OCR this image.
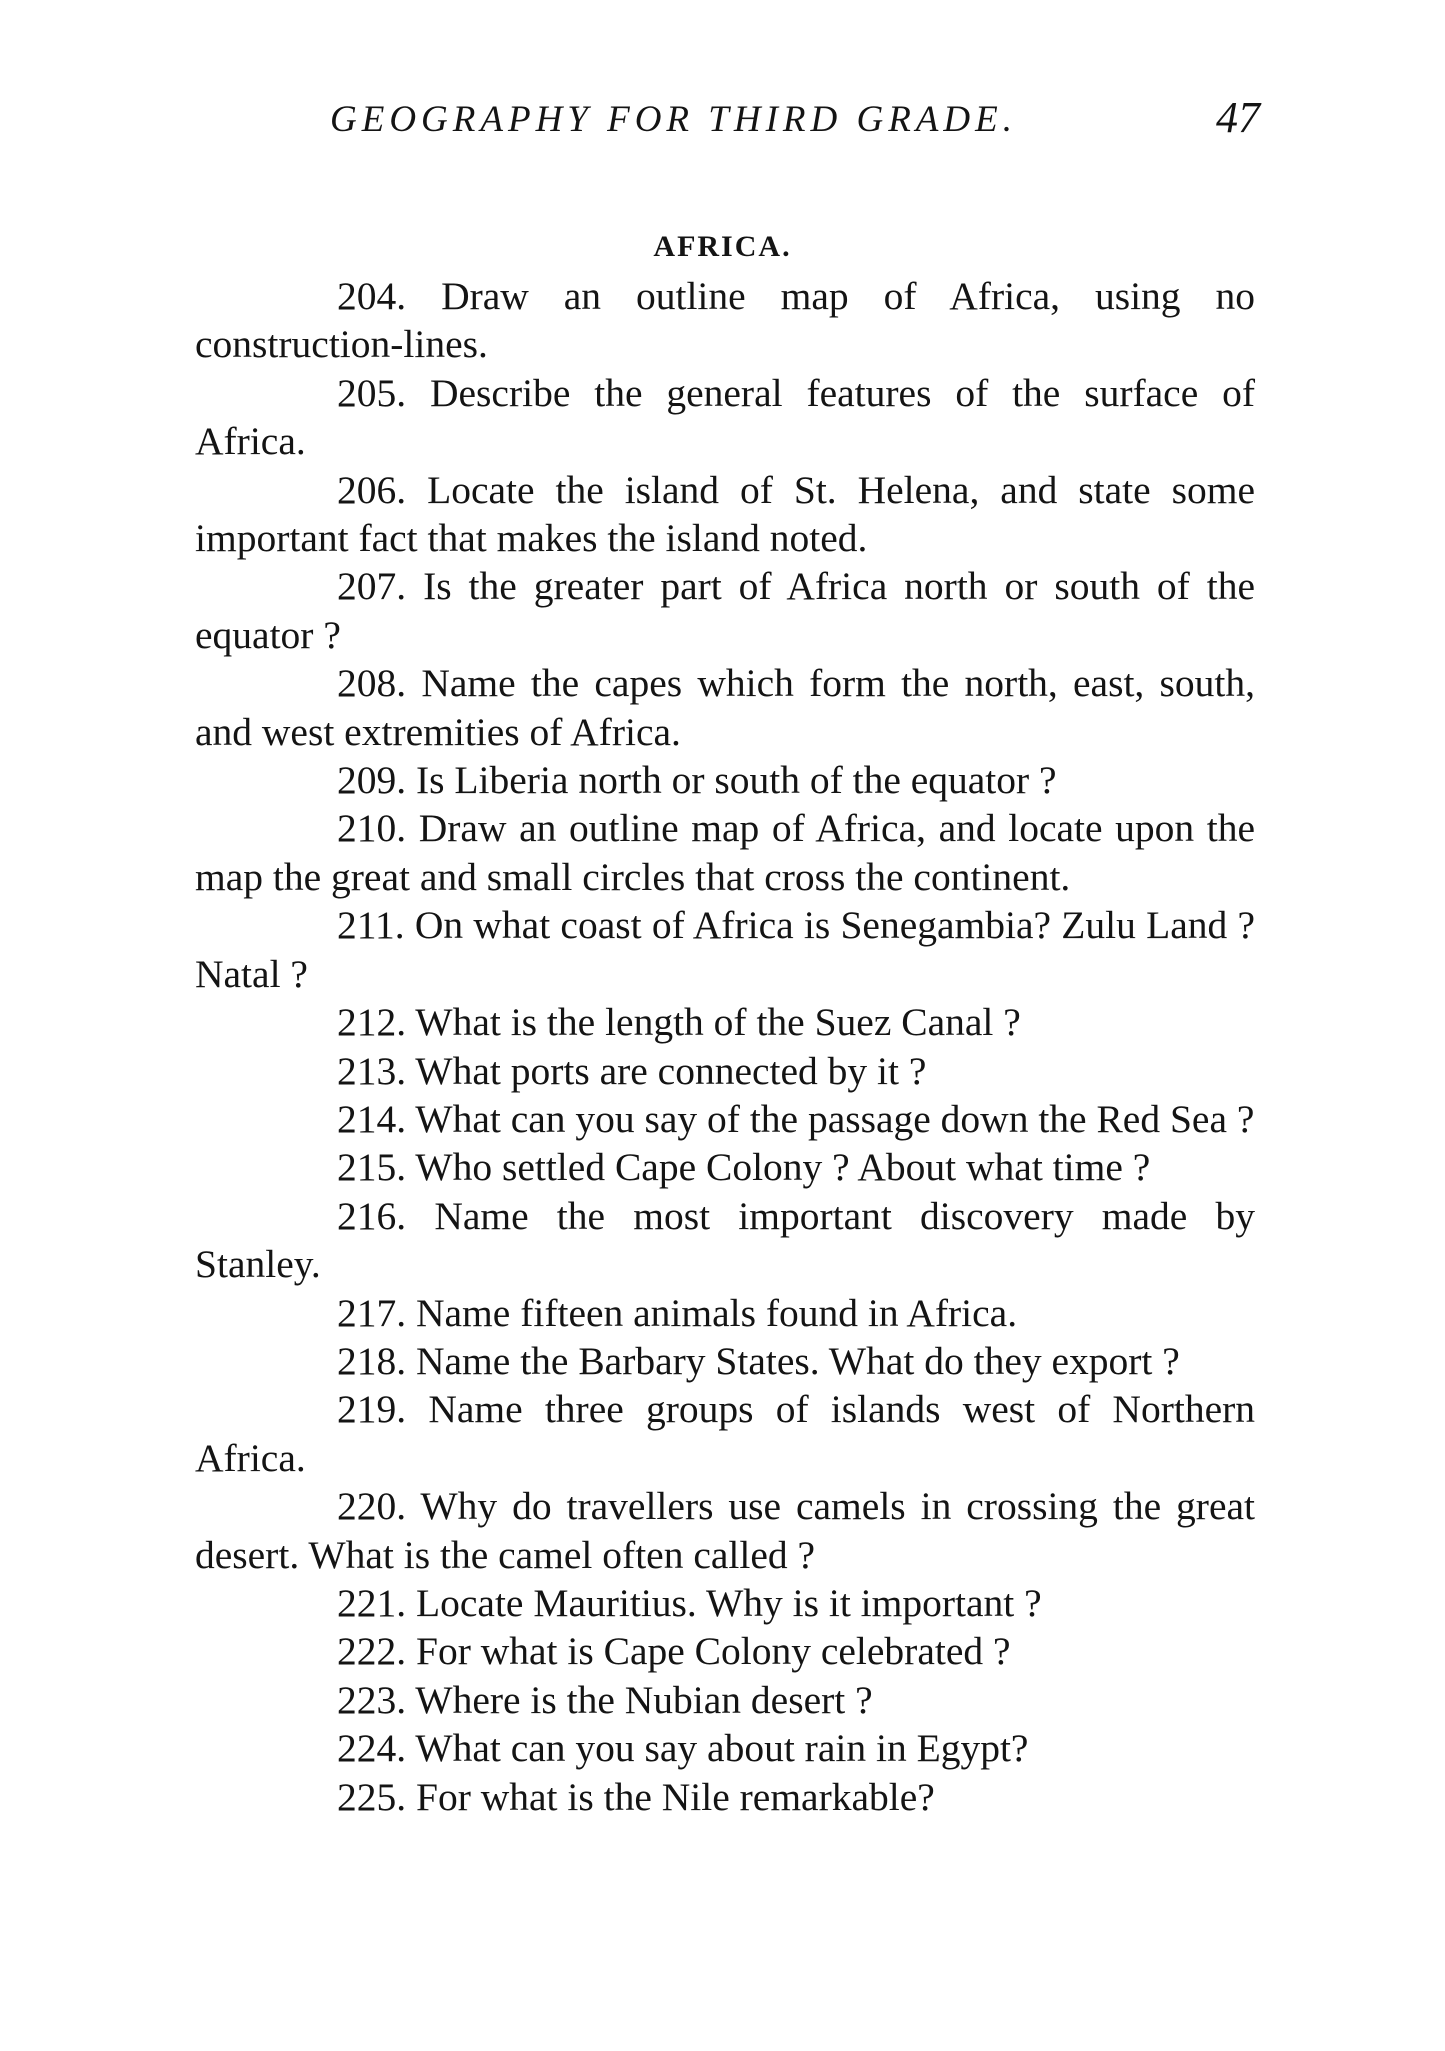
GEOGRAPHY FOR THIRD GRADE.	47
AFRICA.
204. Draw an outline map of Africa, using no construction-lines.
205. Describe the general features of the surface of Africa.
206. Locate the island of St. Helena, and state some important fact that makes the island noted.
207. Is the greater part of Africa north or south of the equator ?
208. Name the capes which form the north, east, south, and west extremities of Africa.
209. Is Liberia north or south of the equator ?
210. Draw an outline map of Africa, and locate upon the map the great and small circles that cross the continent.
211. On what coast of Africa is Senegambia? Zulu Land ? Natal ?
212. What is the length of the Suez Canal ?
213. What ports are connected by it ?
214. What can you say of the passage down the Red Sea ?
215. Who settled Cape Colony ? About what time ?
216. Name the most important discovery made by Stanley.
217. Name fifteen animals found in Africa.
218. Name the Barbary States. What do they export ?
219. Name three groups of islands west of Northern Africa.
220. Why do travellers use camels in crossing the great desert. What is the camel often called ?
221. Locate Mauritius. Why is it important ?
222. For what is Cape Colony celebrated ?
223. Where is the Nubian desert ?
224. What can you say about rain in Egypt?
225. For what is the Nile remarkable?
